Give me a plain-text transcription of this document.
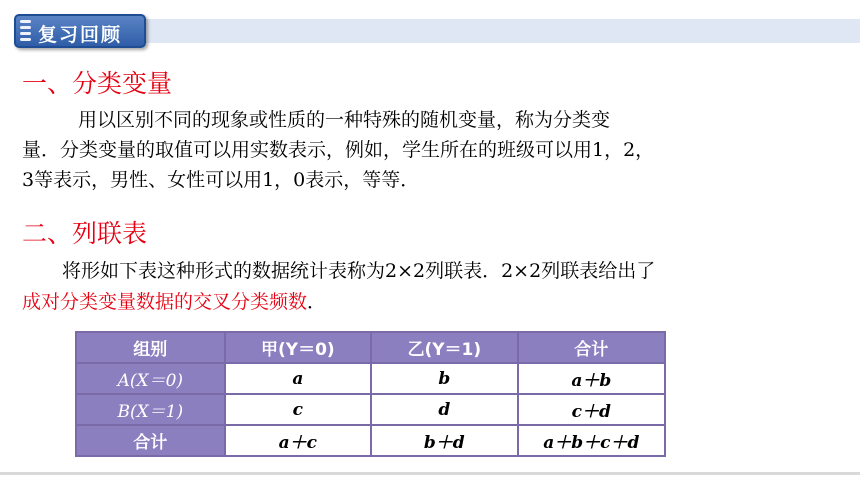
复习回顾
一、分类变量
用以区别不同的现象或性质的一种特殊的随机变量，称为分类变
量．分类变量的取值可以用实数表示，例如，学生所在的班级可以用1，2，
3等表示，男性、女性可以用1，0表示，等等．
二、列联表
将形如下表这种形式的数据统计表称为2×2列联表．2×2列联表给出了
成对分类变量数据的交叉分类频数．
组别	甲(Y＝0)	乙(Y＝1)	合计
A(X＝0)	a	b	a＋b
B(X＝1)	c	d	c＋d
合计	a＋c	b＋d	a＋b＋c＋d
